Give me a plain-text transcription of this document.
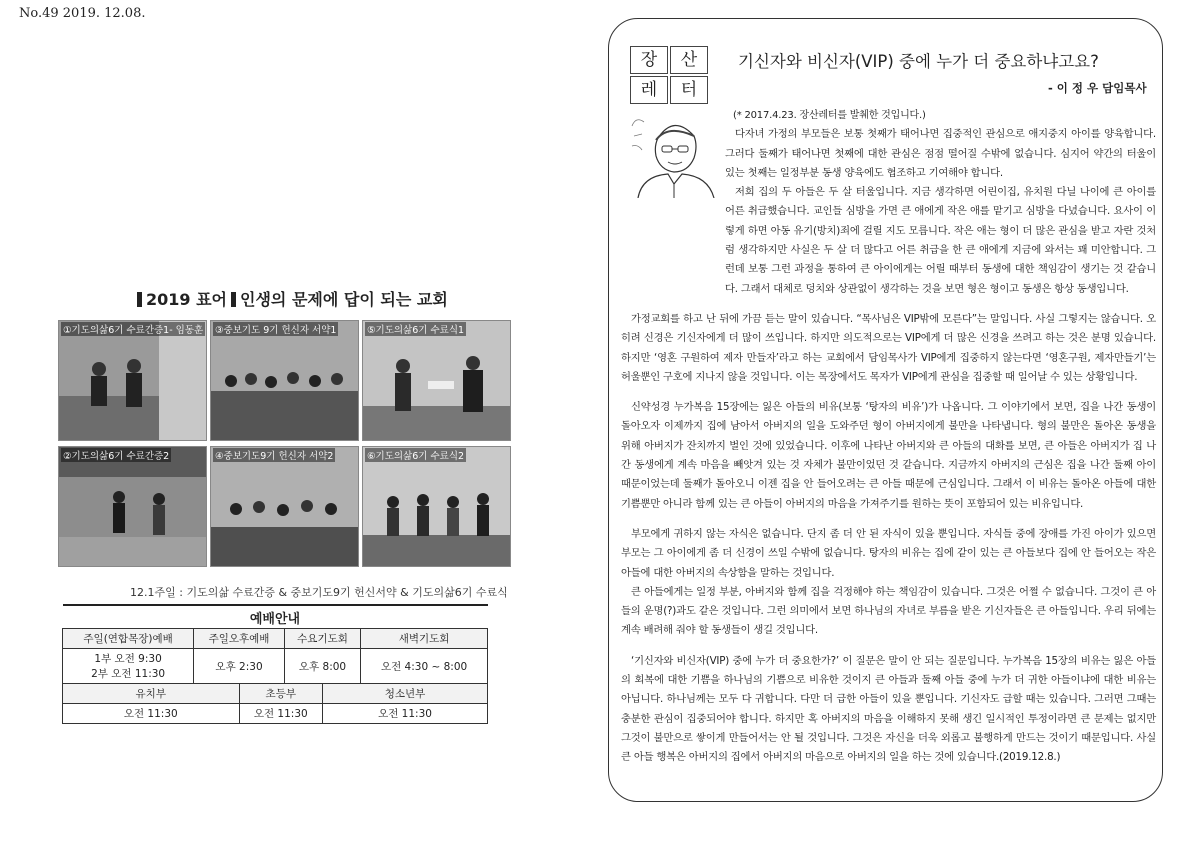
No.49 2019. 12.08.
2019 표어 인생의 문제에 답이 되는 교회
①기도의삶6기 수료간증1- 임동훈 ③중보기도 9기 헌신자 서약1	⑤기도의삶6기 수료식1
②기도의삶6기 수료간증2	④중보기도9기 헌신자 서약2	⑥기도의삶6기 수료식2
12.1주일 : 기도의삶 수료간증 & 중보기도9기 헌신서약 & 기도의삶6기 수료식
예배안내					
주일(연합목장)예배	주일오후예배		수요기도회		새벽기도회

1부 오전 9:30
2부 오전 11:30	오후 2:30		오후 8:00		오전 4:30 ~ 8:00
유치부		초등부		청소년부	
오전 11:30		오전 11:30		오전 11:30	
장	산
레	터
기신자와 비신자(VIP) 중에 누가 더 중요하냐고요?
- 이 정 우 담임목사

(* 2017.4.23. 장산레터를 발췌한 것입니다.)

다자녀 가정의 부모들은 보통 첫째가 태어나면 집중적인 관심으로 애지중지 아이를 양육합니다. 그러다 둘째가 태어나면 첫째에 대한 관심은 점점 떨어질 수밖에 없습니다. 심지어 약간의 터울이 있는 첫째는 일정부분 동생 양육에도 협조하고 기여해야 합니다.

저희 집의 두 아들은 두 살 터울입니다. 지금 생각하면 어린이집, 유치원 다닐 나이에 큰 아이를 어른 취급했습니다. 교인들 심방을 가면 큰 애에게 작은 애를 맡기고 심방을 다녔습니다. 요사이 이렇게 하면 아동 유기(방치)죄에 걸릴 지도 모릅니다. 작은 애는 형이 더 많은 관심을 받고 자란 것처럼 생각하지만 사실은 두 살 더 많다고 어른 취급을 한 큰 애에게 지금에 와서는 꽤 미안합니다. 그런데 보통 그런 과정을 통하여 큰 아이에게는 어릴 때부터 동생에 대한 책임감이 생기는 것 같습니다. 그래서 대체로 덩치와 상관없이 생각하는 것을 보면 형은 형이고 동생은 항상 동생입니다.

가정교회를 하고 난 뒤에 가끔 듣는 말이 있습니다. “목사님은 VIP밖에 모른다”는 말입니다. 사실 그렇지는 않습니다. 오히려 신경은 기신자에게 더 많이 쓰입니다. 하지만 의도적으로는 VIP에게 더 많은 신경을 쓰려고 하는 것은 분명 있습니다. 하지만 ‘영혼 구원하여 제자 만들자’라고 하는 교회에서 담임목사가 VIP에게 집중하지 않는다면 ‘영혼구원, 제자만들기’는 허울뿐인 구호에 지나지 않을 것입니다. 이는 목장에서도 목자가 VIP에게 관심을 집중할 때 일어날 수 있는 상황입니다.

신약성경 누가복음 15장에는 잃은 아들의 비유(보통 ‘탕자의 비유’)가 나옵니다. 그 이야기에서 보면, 집을 나간 동생이 돌아오자 이제까지 집에 남아서 아버지의 일을 도와주던 형이 아버지에게 불만을 나타냅니다. 형의 불만은 돌아온 동생을 위해 아버지가 잔치까지 벌인 것에 있었습니다. 이후에 나타난 아버지와 큰 아들의 대화를 보면, 큰 아들은 아버지가 집 나간 동생에게 계속 마음을 빼앗겨 있는 것 자체가 불만이었던 것 같습니다. 지금까지 아버지의 근심은 집을 나간 둘째 아이 때문이었는데 둘째가 돌아오니 이젠 집을 안 들어오려는 큰 아들 때문에 근심입니다. 그래서 이 비유는 돌아온 아들에 대한 기쁨뿐만 아니라 함께 있는 큰 아들이 아버지의 마음을 가져주기를 원하는 뜻이 포함되어 있는 비유입니다.

부모에게 귀하지 않는 자식은 없습니다. 단지 좀 더 안 된 자식이 있을 뿐입니다. 자식들 중에 장애를 가진 아이가 있으면 부모는 그 아이에게 좀 더 신경이 쓰일 수밖에 없습니다. 탕자의 비유는 집에 같이 있는 큰 아들보다 집에 안 들어오는 작은 아들에 대한 아버지의 속상함을 말하는 것입니다.

큰 아들에게는 일정 부분, 아버지와 함께 집을 걱정해야 하는 책임감이 있습니다. 그것은 어쩔 수 없습니다. 그것이 큰 아들의 운명(?)과도 같은 것입니다. 그런 의미에서 보면 하나님의 자녀로 부름을 받은 기신자들은 큰 아들입니다. 우리 뒤에는 계속 배려해 줘야 할 동생들이 생길 것입니다.

‘기신자와 비신자(VIP) 중에 누가 더 중요한가?’ 이 질문은 말이 안 되는 질문입니다. 누가복음 15장의 비유는 잃은 아들의 회복에 대한 기쁨을 하나님의 기쁨으로 비유한 것이지 큰 아들과 둘째 아들 중에 누가 더 귀한 아들이냐에 대한 비유는 아닙니다. 하나님께는 모두 다 귀합니다. 다만 더 급한 아들이 있을 뿐입니다. 기신자도 급할 때는 있습니다. 그러면 그때는 충분한 관심이 집중되어야 합니다. 하지만 혹 아버지의 마음을 이해하지 못해 생긴 일시적인 투정이라면 큰 문제는 없지만 그것이 불만으로 쌓이게 만들어서는 안 될 것입니다. 그것은 자신을 더욱 외롭고 불행하게 만드는 것이기 때문입니다. 사실 큰 아들 행복은 아버지의 집에서 아버지의 마음으로 아버지의 일을 하는 것에 있습니다.(2019.12.8.)
